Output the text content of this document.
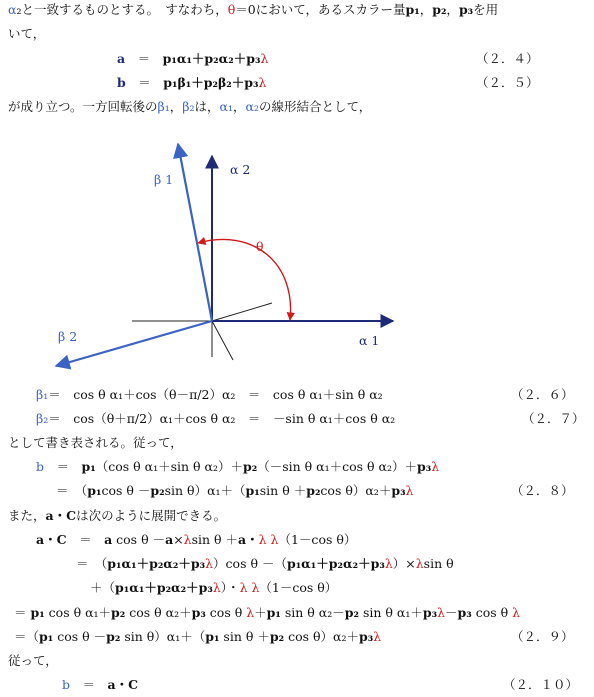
α₂と一致するものとする。　すなわち，θ＝0において，あるスカラー量p₁，p₂，p₃を用
いて，
a　＝　p₁α₁＋p₂α₂＋p₃λ	（２．４）
b　＝　p₁β₁＋p₂β₂＋p₃λ	（２．５）
が成り立つ。一方回転後のβ₁，β₂は，α₁，α₂の線形結合として，
β 1
α 2
θ
β 2	α 1
β₁＝　cos θ α₁＋cos（θ－π/2）α₂　＝　cos θ α₁＋sin θ α₂	（２．６）
β₂＝　cos（θ＋π/2）α₁＋cos θ α₂　＝　－sin θ α₁＋cos θ α₂	（２．７）
として書き表される。従って，
b　＝　p₁（cos θ α₁＋sin θ α₂）＋p₂（－sin θ α₁＋cos θ α₂）＋p₃λ
＝　（p₁cos θ －p₂sin θ）α₁＋（p₁sin θ ＋p₂cos θ）α₂＋p₃λ	（２．８）
また，a・Cは次のように展開できる。
a・C　＝　a cos θ －a×λsin θ ＋a・λ λ（1－cos θ）
＝　（p₁α₁＋p₂α₂＋p₃λ）cos θ －（p₁α₁＋p₂α₂＋p₃λ）×λsin θ
＋（p₁α₁＋p₂α₂＋p₃λ）・λ λ（1－cos θ）
＝ p₁ cos θ α₁＋p₂ cos θ α₂＋p₃ cos θ λ＋p₁ sin θ α₂－p₂ sin θ α₁＋p₃λ－p₃ cos θ λ
＝（p₁ cos θ －p₂ sin θ）α₁＋（p₁ sin θ ＋p₂ cos θ）α₂＋p₃λ	（２．９）
従って，
b　＝　a・C	（２．１０）
